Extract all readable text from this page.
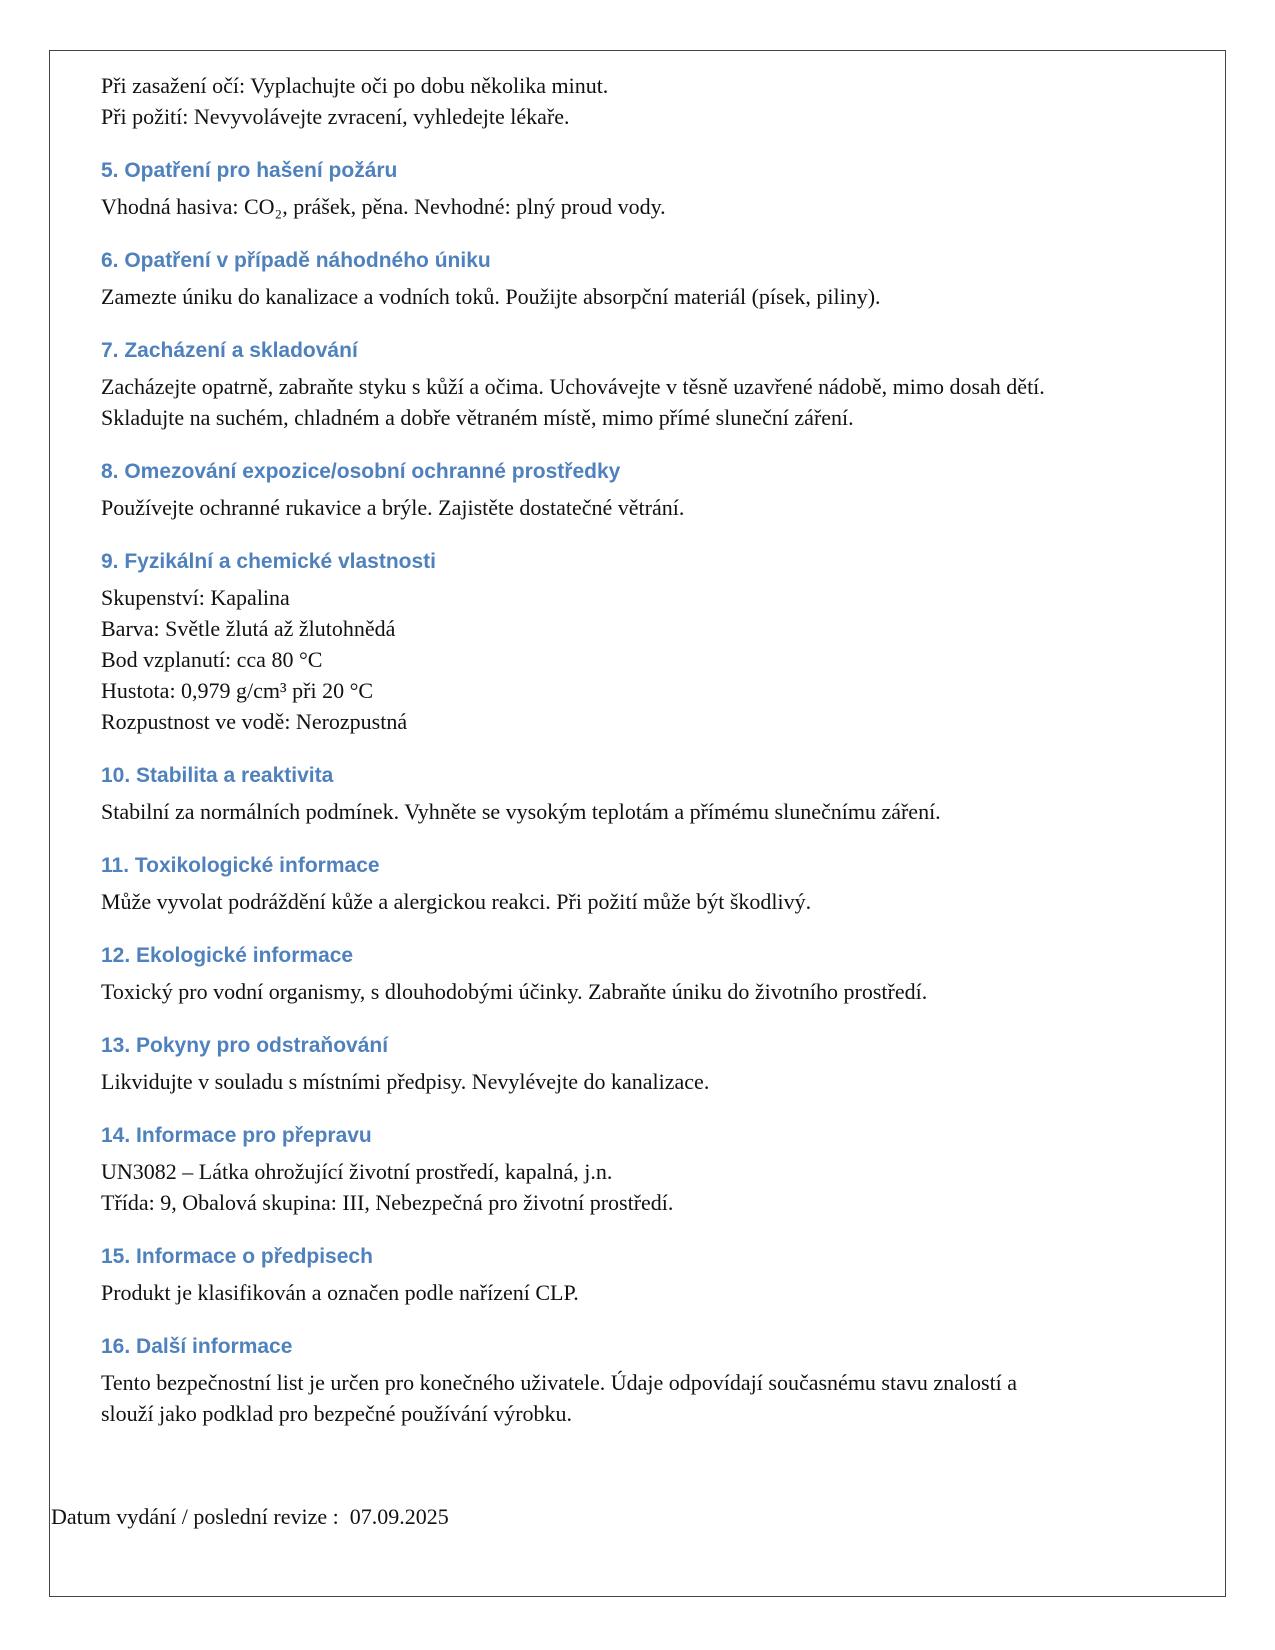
Při zasažení očí: Vyplachujte oči po dobu několika minut.

Při požití: Nevyvolávejte zvracení, vyhledejte lékaře.

5. Opatření pro hašení požáru

Vhodná hasiva: CO₂, prášek, pěna. Nevhodné: plný proud vody.

6. Opatření v případě náhodného úniku

Zamezte úniku do kanalizace a vodních toků. Použijte absorpční materiál (písek, piliny).

7. Zacházení a skladování

Zacházejte opatrně, zabraňte styku s kůží a očima. Uchovávejte v těsně uzavřené nádobě, mimo dosah dětí.

Skladujte na suchém, chladném a dobře větraném místě, mimo přímé sluneční záření.

8. Omezování expozice/osobní ochranné prostředky

Používejte ochranné rukavice a brýle. Zajistěte dostatečné větrání.

9. Fyzikální a chemické vlastnosti

Skupenství: Kapalina

Barva: Světle žlutá až žlutohnědá

Bod vzplanutí: cca 80 °C

Hustota: 0,979 g/cm³ při 20 °C

Rozpustnost ve vodě: Nerozpustná

10. Stabilita a reaktivita

Stabilní za normálních podmínek. Vyhněte se vysokým teplotám a přímému slunečnímu záření.

11. Toxikologické informace

Může vyvolat podráždění kůže a alergickou reakci. Při požití může být škodlivý.

12. Ekologické informace

Toxický pro vodní organismy, s dlouhodobými účinky. Zabraňte úniku do životního prostředí.

13. Pokyny pro odstraňování

Likvidujte v souladu s místními předpisy. Nevylévejte do kanalizace.

14. Informace pro přepravu

UN3082 – Látka ohrožující životní prostředí, kapalná, j.n.

Třída: 9, Obalová skupina: III, Nebezpečná pro životní prostředí.

15. Informace o předpisech

Produkt je klasifikován a označen podle nařízení CLP.

16. Další informace

Tento bezpečnostní list je určen pro konečného uživatele. Údaje odpovídají současnému stavu znalostí a

slouží jako podklad pro bezpečné používání výrobku.

Datum vydání / poslední revize :  07.09.2025
